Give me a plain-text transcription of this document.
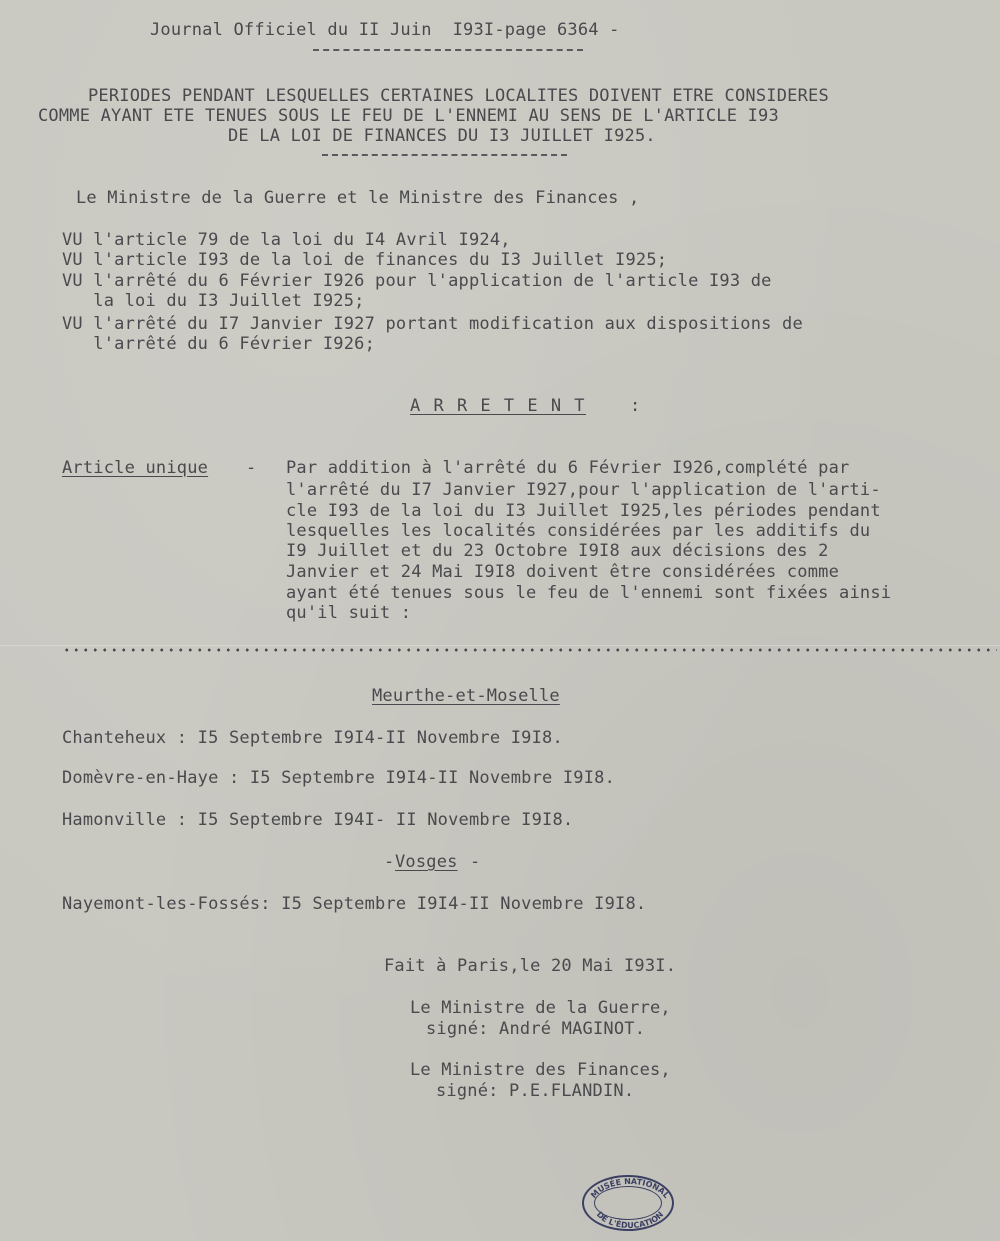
Journal Officiel du II Juin  I93I-page 6364 -
PERIODES PENDANT LESQUELLES CERTAINES LOCALITES DOIVENT ETRE CONSIDERES
COMME AYANT ETE TENUES SOUS LE FEU DE L'ENNEMI AU SENS DE L'ARTICLE I93
DE LA LOI DE FINANCES DU I3 JUILLET I925.
Le Ministre de la Guerre et le Ministre des Finances ,
VU l'article 79 de la loi du I4 Avril I924,
VU l'article I93 de la loi de finances du I3 Juillet I925;
VU l'arrêté du 6 Février I926 pour l'application de l'article I93 de
la loi du I3 Juillet I925;
VU l'arrêté du I7 Janvier I927 portant modification aux dispositions de
l'arrêté du 6 Février I926;
A R R E T E N T	:
Article unique - Par addition à l'arrêté du 6 Février I926,complété par
l'arrêté du I7 Janvier I927,pour l'application de l'arti-
cle I93 de la loi du I3 Juillet I925,les périodes pendant
lesquelles les localités considérées par les additifs du
I9 Juillet et du 23 Octobre I9I8 aux décisions des 2
Janvier et 24 Mai I9I8 doivent être considérées comme
ayant été tenues sous le feu de l'ennemi sont fixées ainsi
qu'il suit :
Meurthe-et-Moselle
Chanteheux : I5 Septembre I9I4-II Novembre I9I8.
Domèvre-en-Haye : I5 Septembre I9I4-II Novembre I9I8.
Hamonville : I5 Septembre I94I- II Novembre I9I8.
- Vosges -
Nayemont-les-Fossés: I5 Septembre I9I4-II Novembre I9I8.
Fait à Paris,le 20 Mai I93I.
Le Ministre de la Guerre,
signé: André MAGINOT.
Le Ministre des Finances,
signé: P.E.FLANDIN.
MUSÉE NATIONAL
DE L'ÉDUCATION
